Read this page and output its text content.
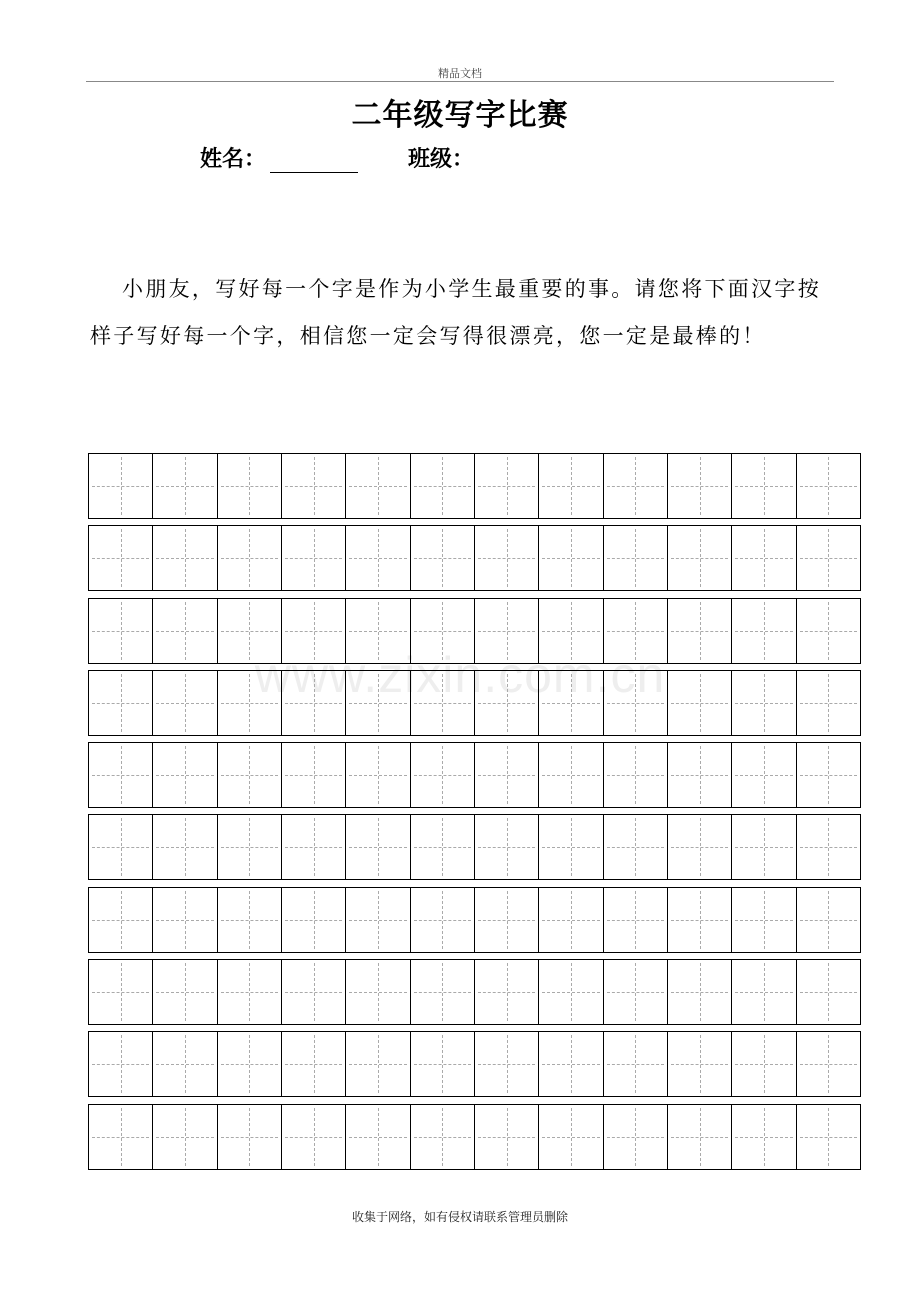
精品文档
二年级写字比赛
姓名：	班级：

小朋友，写好每一个字是作为小学生最重要的事。请您将下面汉字按样子写好每一个字，相信您一定会写得很漂亮，您一定是最棒的！

www.zixin.com.cn
收集于网络，如有侵权请联系管理员删除
